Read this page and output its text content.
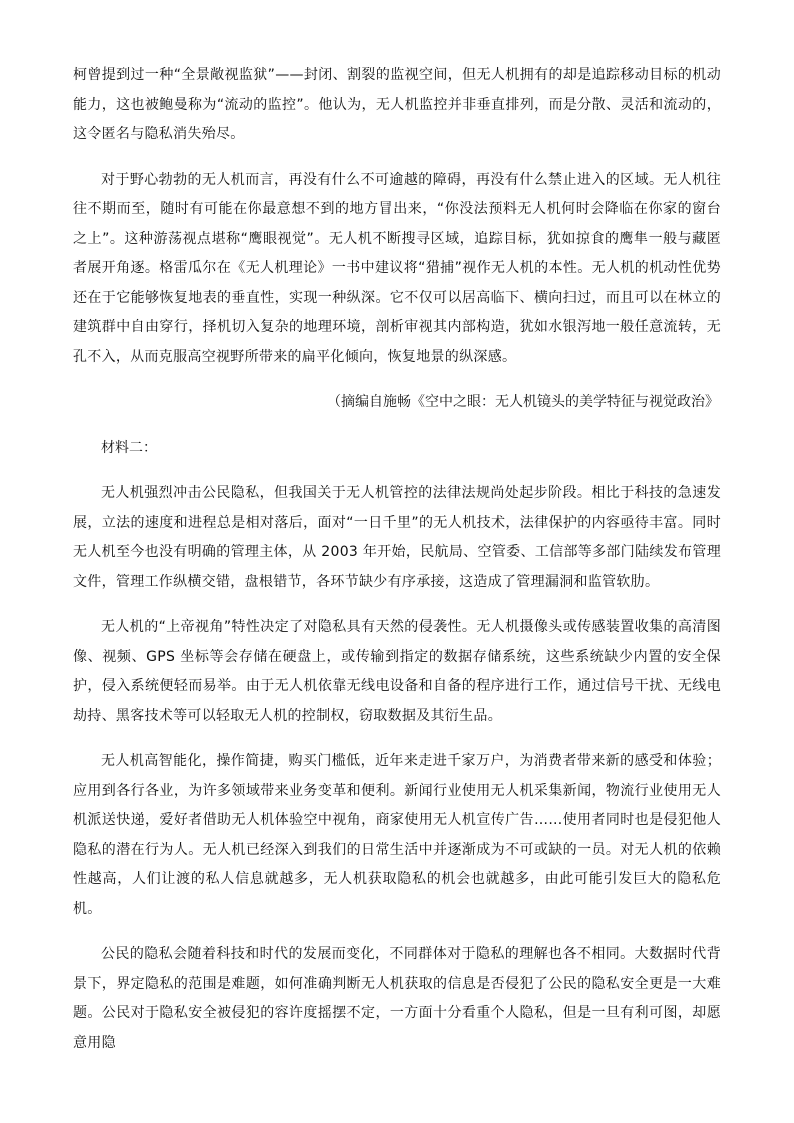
柯曾提到过一种“全景敞视监狱”——封闭、割裂的监视空间，但无人机拥有的却是追踪移动目标的机动能力，这也被鲍曼称为“流动的监控”。他认为，无人机监控并非垂直排列，而是分散、灵活和流动的，这令匿名与隐私消失殆尽。

对于野心勃勃的无人机而言，再没有什么不可逾越的障碍，再没有什么禁止进入的区域。无人机往往不期而至，随时有可能在你最意想不到的地方冒出来，“你没法预料无人机何时会降临在你家的窗台之上”。这种游荡视点堪称“鹰眼视觉”。无人机不断搜寻区域，追踪目标，犹如掠食的鹰隼一般与藏匿者展开角逐。格雷瓜尔在《无人机理论》一书中建议将“猎捕”视作无人机的本性。无人机的机动性优势还在于它能够恢复地表的垂直性，实现一种纵深。它不仅可以居高临下、横向扫过，而且可以在林立的建筑群中自由穿行，择机切入复杂的地理环境，剖析审视其内部构造，犹如水银泻地一般任意流转，无孔不入，从而克服高空视野所带来的扁平化倾向，恢复地景的纵深感。

（摘编自施畅《空中之眼：无人机镜头的美学特征与视觉政治》

材料二：

无人机强烈冲击公民隐私，但我国关于无人机管控的法律法规尚处起步阶段。相比于科技的急速发展，立法的速度和进程总是相对落后，面对“一日千里”的无人机技术，法律保护的内容亟待丰富。同时无人机至今也没有明确的管理主体，从 2003 年开始，民航局、空管委、工信部等多部门陆续发布管理文件，管理工作纵横交错，盘根错节，各环节缺少有序承接，这造成了管理漏洞和监管软肋。

无人机的“上帝视角”特性决定了对隐私具有天然的侵袭性。无人机摄像头或传感装置收集的高清图像、视频、GPS 坐标等会存储在硬盘上，或传输到指定的数据存储系统，这些系统缺少内置的安全保护，侵入系统便轻而易举。由于无人机依靠无线电设备和自备的程序进行工作，通过信号干扰、无线电劫持、黑客技术等可以轻取无人机的控制权，窃取数据及其衍生品。

无人机高智能化，操作简捷，购买门槛低，近年来走进千家万户，为消费者带来新的感受和体验；应用到各行各业，为许多领域带来业务变革和便利。新闻行业使用无人机采集新闻，物流行业使用无人机派送快递，爱好者借助无人机体验空中视角，商家使用无人机宣传广告……使用者同时也是侵犯他人隐私的潜在行为人。无人机已经深入到我们的日常生活中并逐渐成为不可或缺的一员。对无人机的依赖性越高，人们让渡的私人信息就越多，无人机获取隐私的机会也就越多，由此可能引发巨大的隐私危机。

公民的隐私会随着科技和时代的发展而变化，不同群体对于隐私的理解也各不相同。大数据时代背景下，界定隐私的范围是难题，如何准确判断无人机获取的信息是否侵犯了公民的隐私安全更是一大难题。公民对于隐私安全被侵犯的容许度摇摆不定，一方面十分看重个人隐私，但是一旦有利可图，却愿意用隐
